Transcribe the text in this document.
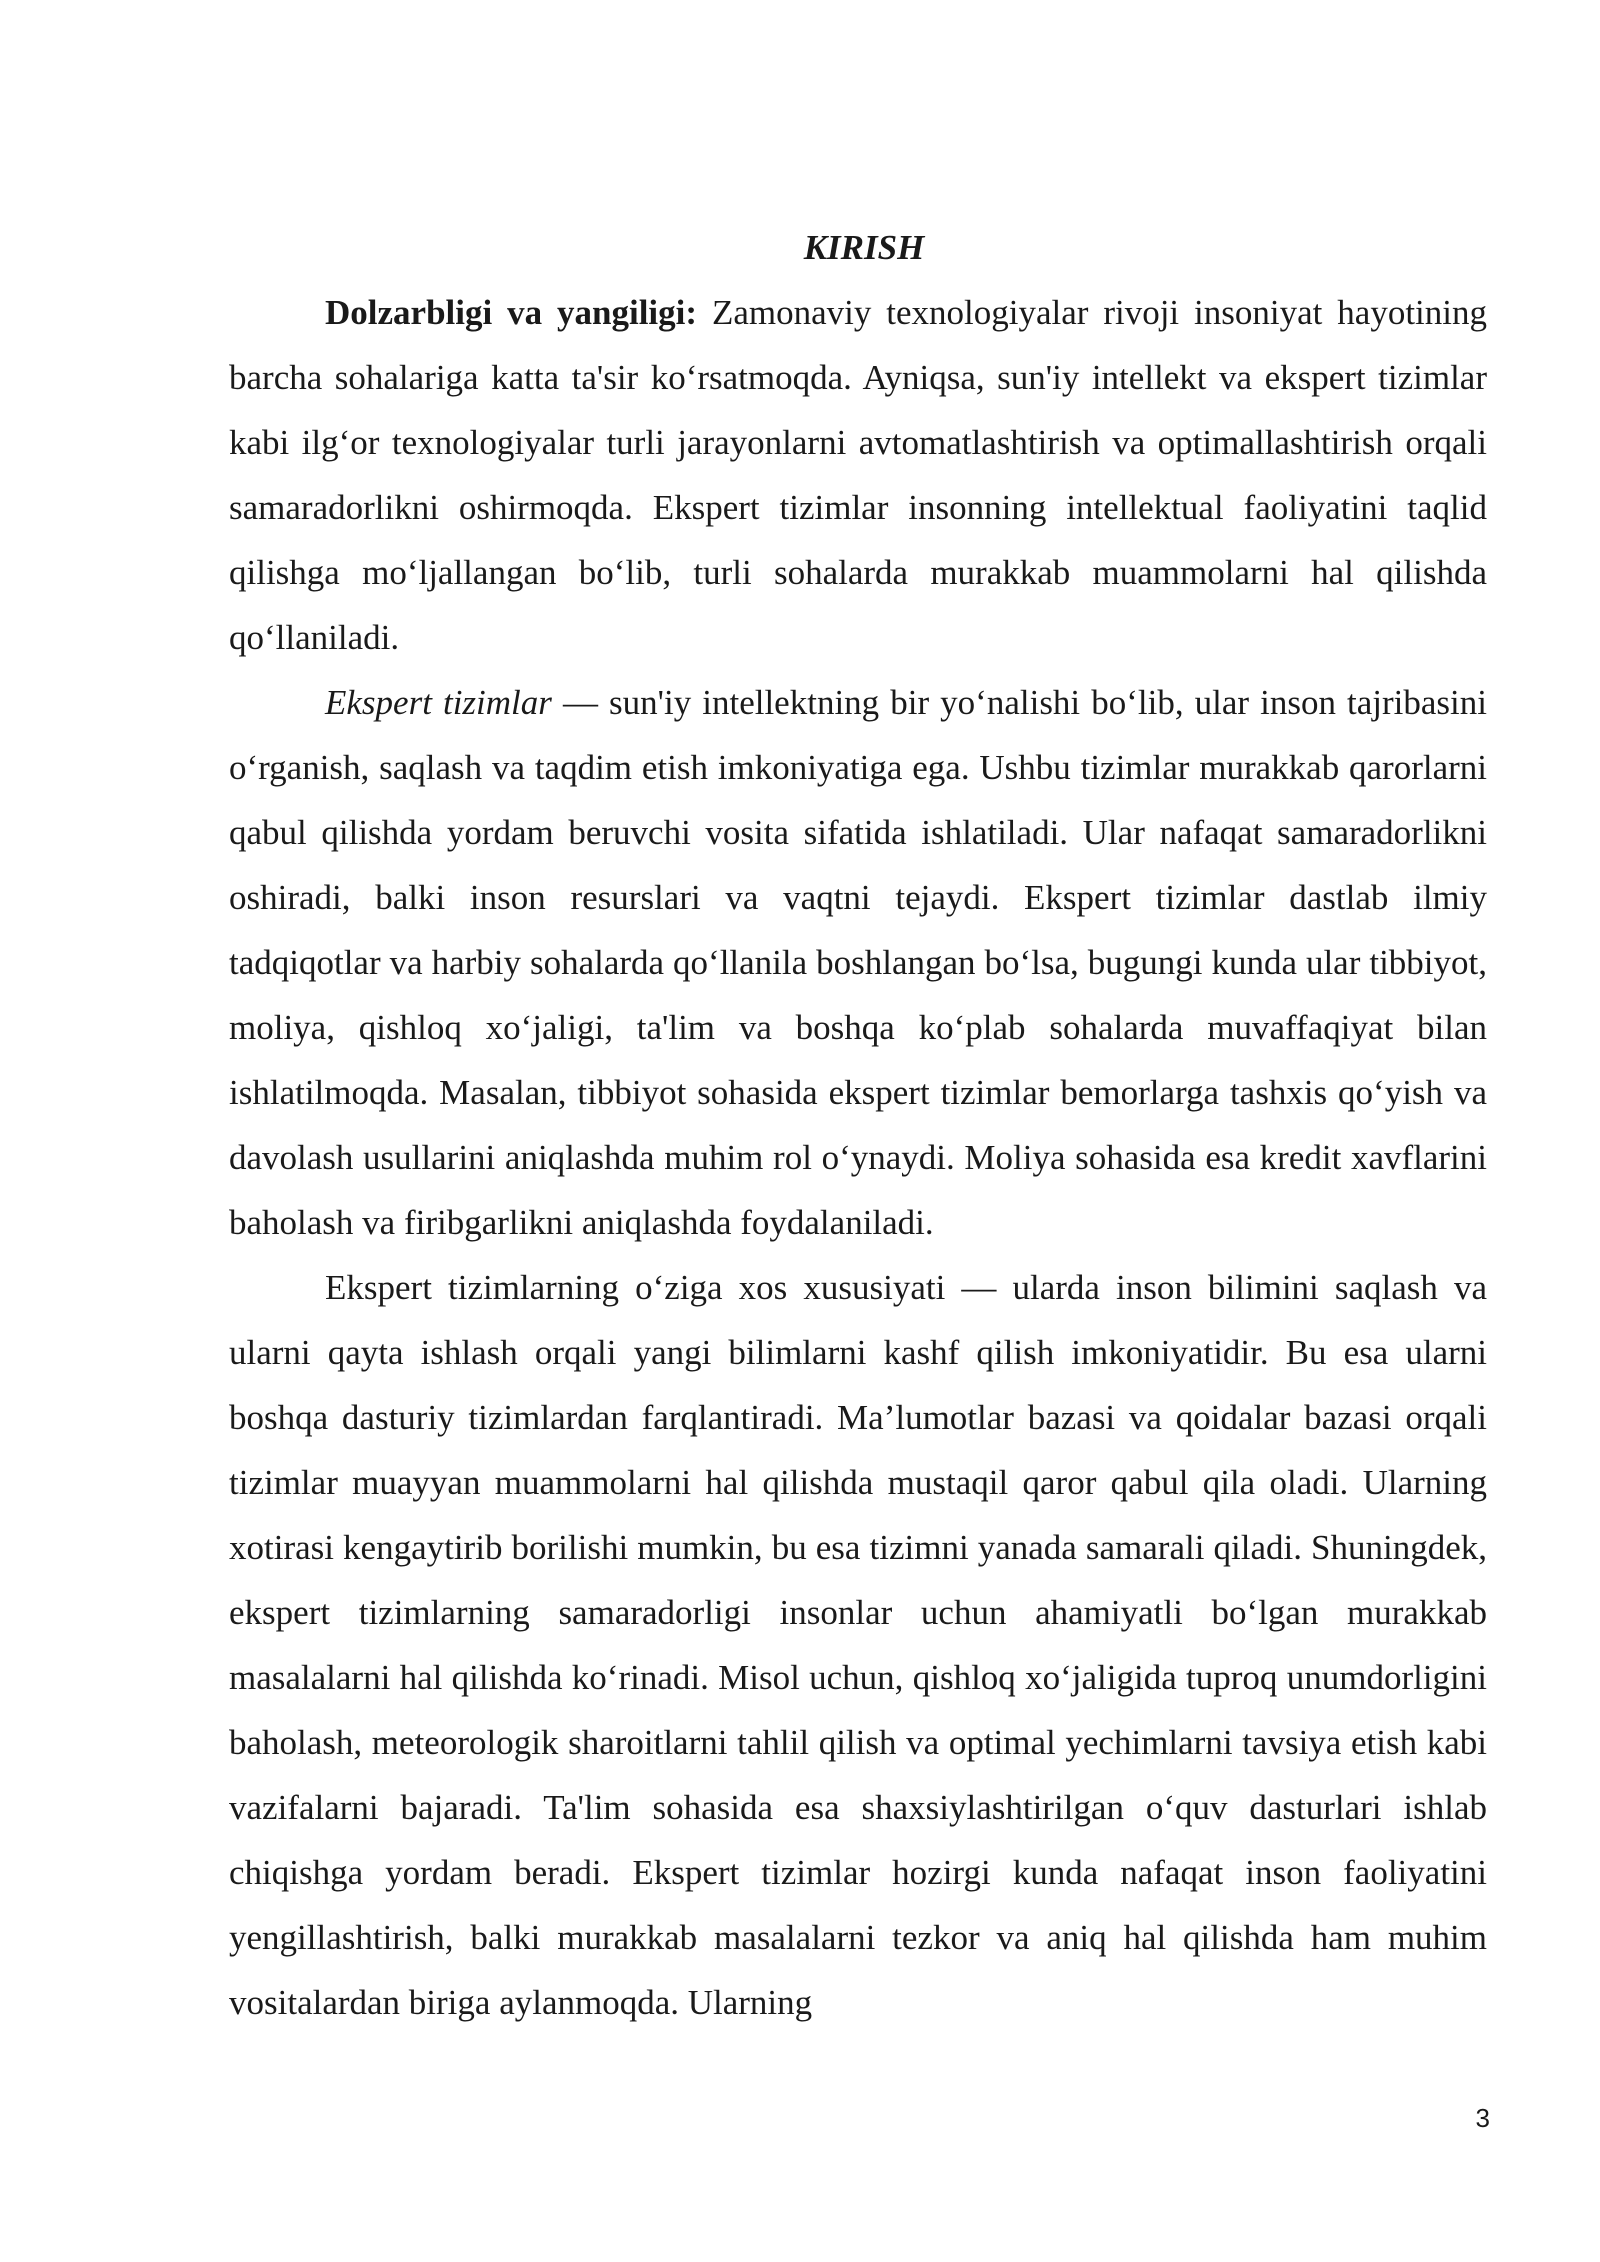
KIRISH

Dolzarbligi va yangiligi: Zamonaviy texnologiyalar rivoji insoniyat hayotining barcha sohalariga katta ta'sir ko‘rsatmoqda. Ayniqsa, sun'iy intellekt va ekspert tizimlar kabi ilg‘or texnologiyalar turli jarayonlarni avtomatlashtirish va optimallashtirish orqali samaradorlikni oshirmoqda. Ekspert tizimlar insonning intellektual faoliyatini taqlid qilishga mo‘ljallangan bo‘lib, turli sohalarda murakkab muammolarni hal qilishda qo‘llaniladi.

Ekspert tizimlar — sun'iy intellektning bir yo‘nalishi bo‘lib, ular inson tajribasini o‘rganish, saqlash va taqdim etish imkoniyatiga ega. Ushbu tizimlar murakkab qarorlarni qabul qilishda yordam beruvchi vosita sifatida ishlatiladi. Ular nafaqat samaradorlikni oshiradi, balki inson resurslari va vaqtni tejaydi. Ekspert tizimlar dastlab ilmiy tadqiqotlar va harbiy sohalarda qo‘llanila boshlangan bo‘lsa, bugungi kunda ular tibbiyot, moliya, qishloq xo‘jaligi, ta'lim va boshqa ko‘plab sohalarda muvaffaqiyat bilan ishlatilmoqda. Masalan, tibbiyot sohasida ekspert tizimlar bemorlarga tashxis qo‘yish va davolash usullarini aniqlashda muhim rol o‘ynaydi. Moliya sohasida esa kredit xavflarini baholash va firibgarlikni aniqlashda foydalaniladi.

Ekspert tizimlarning o‘ziga xos xususiyati — ularda inson bilimini saqlash va ularni qayta ishlash orqali yangi bilimlarni kashf qilish imkoniyatidir. Bu esa ularni boshqa dasturiy tizimlardan farqlantiradi. Ma’lumotlar bazasi va qoidalar bazasi orqali tizimlar muayyan muammolarni hal qilishda mustaqil qaror qabul qila oladi. Ularning xotirasi kengaytirib borilishi mumkin, bu esa tizimni yanada samarali qiladi. Shuningdek, ekspert tizimlarning samaradorligi insonlar uchun ahamiyatli bo‘lgan murakkab masalalarni hal qilishda ko‘rinadi. Misol uchun, qishloq xo‘jaligida tuproq unumdorligini baholash, meteorologik sharoitlarni tahlil qilish va optimal yechimlarni tavsiya etish kabi vazifalarni bajaradi. Ta'lim sohasida esa shaxsiylashtirilgan o‘quv dasturlari ishlab chiqishga yordam beradi. Ekspert tizimlar hozirgi kunda nafaqat inson faoliyatini yengillashtirish, balki murakkab masalalarni tezkor va aniq hal qilishda ham muhim vositalardan biriga aylanmoqda. Ularning

3
